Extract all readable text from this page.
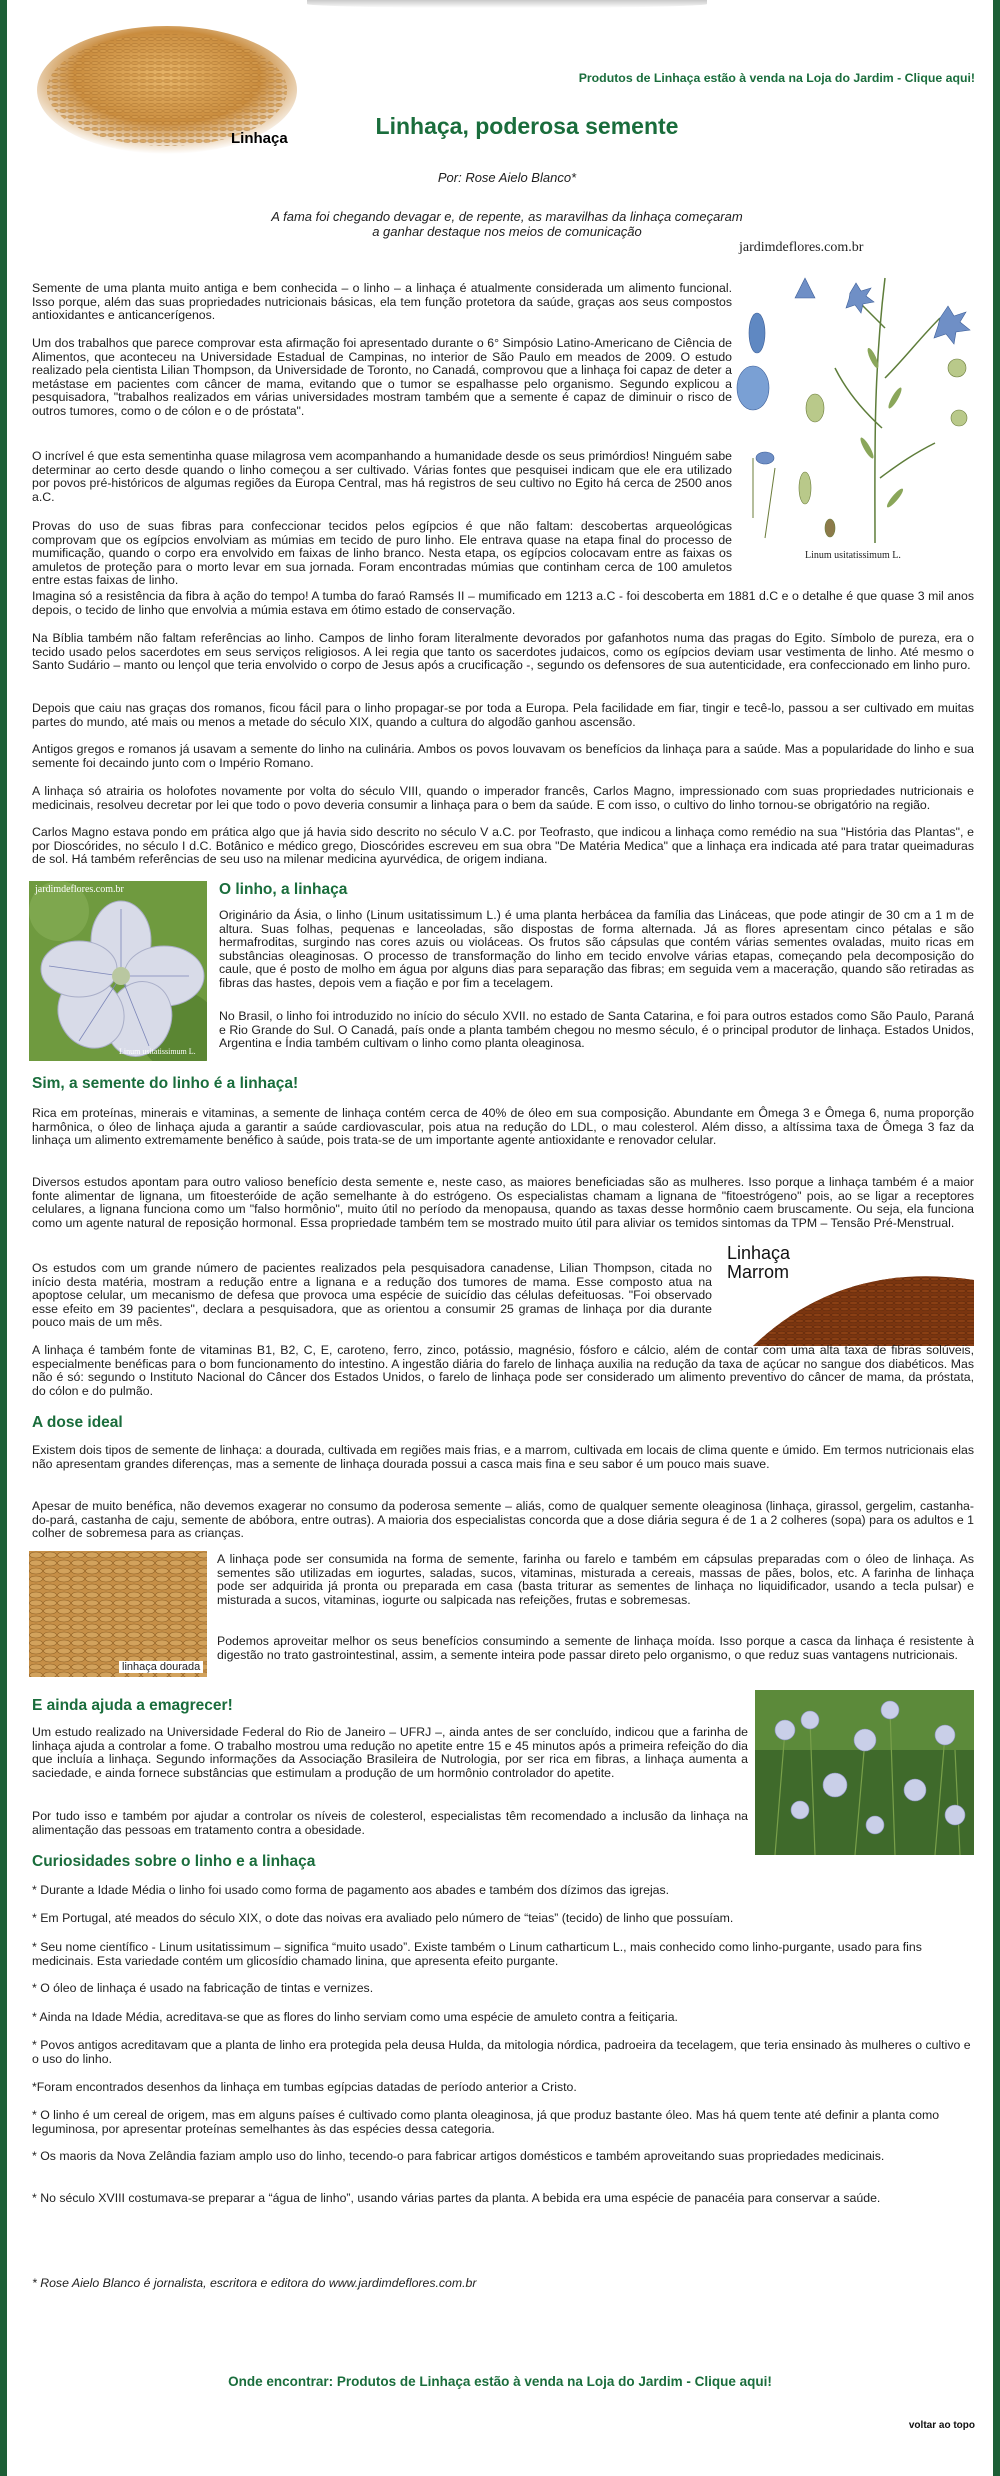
Linhaça
Produtos de Linhaça estão à venda na Loja do Jardim - Clique aqui!
Linhaça, poderosa semente
Por: Rose Aielo Blanco*
A fama foi chegando devagar e, de repente, as maravilhas da linhaça começaram
a ganhar destaque nos meios de comunicação
jardimdeflores.com.br
Linum usitatissimum L.

Semente de uma planta muito antiga e bem conhecida – o linho – a linhaça é atualmente considerada um alimento funcional. Isso porque, além das suas propriedades nutricionais básicas, ela tem função protetora da saúde, graças aos seus compostos antioxidantes e anticancerígenos.

Um dos trabalhos que parece comprovar esta afirmação foi apresentado durante o 6° Simpósio Latino-Americano de Ciência de Alimentos, que aconteceu na Universidade Estadual de Campinas, no interior de São Paulo em meados de 2009. O estudo realizado pela cientista Lilian Thompson, da Universidade de Toronto, no Canadá, comprovou que a linhaça foi capaz de deter a metástase em pacientes com câncer de mama, evitando que o tumor se espalhasse pelo organismo. Segundo explicou a pesquisadora, "trabalhos realizados em várias universidades mostram também que a semente é capaz de diminuir o risco de outros tumores, como o de cólon e o de próstata".

O incrível é que esta sementinha quase milagrosa vem acompanhando a humanidade desde os seus primórdios! Ninguém sabe determinar ao certo desde quando o linho começou a ser cultivado. Várias fontes que pesquisei indicam que ele era utilizado por povos pré-históricos de algumas regiões da Europa Central, mas há registros de seu cultivo no Egito há cerca de 2500 anos a.C.

Provas do uso de suas fibras para confeccionar tecidos pelos egípcios é que não faltam: descobertas arqueológicas comprovam que os egípcios envolviam as múmias em tecido de puro linho. Ele entrava quase na etapa final do processo de mumificação, quando o corpo era envolvido em faixas de linho branco. Nesta etapa, os egípcios colocavam entre as faixas os amuletos de proteção para o morto levar em sua jornada. Foram encontradas múmias que continham cerca de 100 amuletos entre estas faixas de linho.

Imagina só a resistência da fibra à ação do tempo! A tumba do faraó Ramsés II – mumificado em 1213 a.C - foi descoberta em 1881 d.C e o detalhe é que quase 3 mil anos depois, o tecido de linho que envolvia a múmia estava em ótimo estado de conservação.

Na Bíblia também não faltam referências ao linho. Campos de linho foram literalmente devorados por gafanhotos numa das pragas do Egito. Símbolo de pureza, era o tecido usado pelos sacerdotes em seus serviços religiosos. A lei regia que tanto os sacerdotes judaicos, como os egípcios deviam usar vestimenta de linho. Até mesmo o Santo Sudário – manto ou lençol que teria envolvido o corpo de Jesus após a crucificação -, segundo os defensores de sua autenticidade, era confeccionado em linho puro.

Depois que caiu nas graças dos romanos, ficou fácil para o linho propagar-se por toda a Europa. Pela facilidade em fiar, tingir e tecê-lo, passou a ser cultivado em muitas partes do mundo, até mais ou menos a metade do século XIX, quando a cultura do algodão ganhou ascensão.

Antigos gregos e romanos já usavam a semente do linho na culinária. Ambos os povos louvavam os benefícios da linhaça para a saúde. Mas a popularidade do linho e sua semente foi decaindo junto com o Império Romano.

A linhaça só atrairia os holofotes novamente por volta do século VIII, quando o imperador francês, Carlos Magno, impressionado com suas propriedades nutricionais e medicinais, resolveu decretar por lei que todo o povo deveria consumir a linhaça para o bem da saúde. E com isso, o cultivo do linho tornou-se obrigatório na região.

Carlos Magno estava pondo em prática algo que já havia sido descrito no século V a.C. por Teofrasto, que indicou a linhaça como remédio na sua "História das Plantas", e por Dioscórides, no século I d.C. Botânico e médico grego, Dioscórides escreveu em sua obra "De Matéria Medica" que a linhaça era indicada até para tratar queimaduras de sol. Há também referências de seu uso na milenar medicina ayurvédica, de origem indiana.

jardimdeflores.com.br
Linum usitatissimum L.
O linho, a linhaça

Originário da Ásia, o linho (Linum usitatissimum L.) é uma planta herbácea da família das Lináceas, que pode atingir de 30 cm a 1 m de altura. Suas folhas, pequenas e lanceoladas, são dispostas de forma alternada. Já as flores apresentam cinco pétalas e são hermafroditas, surgindo nas cores azuis ou violáceas. Os frutos são cápsulas que contém várias sementes ovaladas, muito ricas em substâncias oleaginosas. O processo de transformação do linho em tecido envolve várias etapas, começando pela decomposição do caule, que é posto de molho em água por alguns dias para separação das fibras; em seguida vem a maceração, quando são retiradas as fibras das hastes, depois vem a fiação e por fim a tecelagem.

No Brasil, o linho foi introduzido no início do século XVII. no estado de Santa Catarina, e foi para outros estados como São Paulo, Paraná e Rio Grande do Sul. O Canadá, país onde a planta também chegou no mesmo século, é o principal produtor de linhaça. Estados Unidos, Argentina e Índia também cultivam o linho como planta oleaginosa.

Sim, a semente do linho é a linhaça!

Rica em proteínas, minerais e vitaminas, a semente de linhaça contém cerca de 40% de óleo em sua composição. Abundante em Ômega 3 e Ômega 6, numa proporção harmônica, o óleo de linhaça ajuda a garantir a saúde cardiovascular, pois atua na redução do LDL, o mau colesterol. Além disso, a altíssima taxa de Ômega 3 faz da linhaça um alimento extremamente benéfico à saúde, pois trata-se de um importante agente antioxidante e renovador celular.

Diversos estudos apontam para outro valioso benefício desta semente e, neste caso, as maiores beneficiadas são as mulheres. Isso porque a linhaça também é a maior fonte alimentar de lignana, um fitoesteróide de ação semelhante à do estrógeno. Os especialistas chamam a lignana de "fitoestrógeno" pois, ao se ligar a receptores celulares, a lignana funciona como um "falso hormônio", muito útil no período da menopausa, quando as taxas desse hormônio caem bruscamente. Ou seja, ela funciona como um agente natural de reposição hormonal. Essa propriedade também tem se mostrado muito útil para aliviar os temidos sintomas da TPM – Tensão Pré-Menstrual.

Linhaça
Marrom

Os estudos com um grande número de pacientes realizados pela pesquisadora canadense, Lilian Thompson, citada no início desta matéria, mostram a redução entre a lignana e a redução dos tumores de mama. Esse composto atua na apoptose celular, um mecanismo de defesa que provoca uma espécie de suicídio das células defeituosas. "Foi observado esse efeito em 39 pacientes", declara a pesquisadora, que as orientou a consumir 25 gramas de linhaça por dia durante pouco mais de um mês.

A linhaça é também fonte de vitaminas B1, B2, C, E, caroteno, ferro, zinco, potássio, magnésio, fósforo e cálcio, além de contar com uma alta taxa de fibras solúveis, especialmente benéficas para o bom funcionamento do intestino. A ingestão diária do farelo de linhaça auxilia na redução da taxa de açúcar no sangue dos diabéticos. Mas não é só: segundo o Instituto Nacional do Câncer dos Estados Unidos, o farelo de linhaça pode ser considerado um alimento preventivo do câncer de mama, da próstata, do cólon e do pulmão.

A dose ideal

Existem dois tipos de semente de linhaça: a dourada, cultivada em regiões mais frias, e a marrom, cultivada em locais de clima quente e úmido. Em termos nutricionais elas não apresentam grandes diferenças, mas a semente de linhaça dourada possui a casca mais fina e seu sabor é um pouco mais suave.

Apesar de muito benéfica, não devemos exagerar no consumo da poderosa semente – aliás, como de qualquer semente oleaginosa (linhaça, girassol, gergelim, castanha-do-pará, castanha de caju, semente de abóbora, entre outras). A maioria dos especialistas concorda que a dose diária segura é de 1 a 2 colheres (sopa) para os adultos e 1 colher de sobremesa para as crianças.

linhaça dourada

A linhaça pode ser consumida na forma de semente, farinha ou farelo e também em cápsulas preparadas com o óleo de linhaça. As sementes são utilizadas em iogurtes, saladas, sucos, vitaminas, misturada a cereais, massas de pães, bolos, etc. A farinha de linhaça pode ser adquirida já pronta ou preparada em casa (basta triturar as sementes de linhaça no liquidificador, usando a tecla pulsar) e misturada a sucos, vitaminas, iogurte ou salpicada nas refeições, frutas e sobremesas.

Podemos aproveitar melhor os seus benefícios consumindo a semente de linhaça moída. Isso porque a casca da linhaça é resistente à digestão no trato gastrointestinal, assim, a semente inteira pode passar direto pelo organismo, o que reduz suas vantagens nutricionais.

E ainda ajuda a emagrecer!

Um estudo realizado na Universidade Federal do Rio de Janeiro – UFRJ –, ainda antes de ser concluído, indicou que a farinha de linhaça ajuda a controlar a fome. O trabalho mostrou uma redução no apetite entre 15 e 45 minutos após a primeira refeição do dia que incluía a linhaça. Segundo informações da Associação Brasileira de Nutrologia, por ser rica em fibras, a linhaça aumenta a saciedade, e ainda fornece substâncias que estimulam a produção de um hormônio controlador do apetite.

Por tudo isso e também por ajudar a controlar os níveis de colesterol, especialistas têm recomendado a inclusão da linhaça na alimentação das pessoas em tratamento contra a obesidade.

Curiosidades sobre o linho e a linhaça

* Durante a Idade Média o linho foi usado como forma de pagamento aos abades e também dos dízimos das igrejas.

* Em Portugal, até meados do século XIX, o dote das noivas era avaliado pelo número de “teias” (tecido) de linho que possuíam.

* Seu nome científico - Linum usitatissimum – significa “muito usado”. Existe também o Linum catharticum L., mais conhecido como linho-purgante, usado para fins medicinais. Esta variedade contém um glicosídio chamado linina, que apresenta efeito purgante.

* O óleo de linhaça é usado na fabricação de tintas e vernizes.

* Ainda na Idade Média, acreditava-se que as flores do linho serviam como uma espécie de amuleto contra a feitiçaria.

* Povos antigos acreditavam que a planta de linho era protegida pela deusa Hulda, da mitologia nórdica, padroeira da tecelagem, que teria ensinado às mulheres o cultivo e o uso do linho.

*Foram encontrados desenhos da linhaça em tumbas egípcias datadas de período anterior a Cristo.

* O linho é um cereal de origem, mas em alguns países é cultivado como planta oleaginosa, já que produz bastante óleo. Mas há quem tente até definir a planta como leguminosa, por apresentar proteínas semelhantes às das espécies dessa categoria.

* Os maoris da Nova Zelândia faziam amplo uso do linho, tecendo-o para fabricar artigos domésticos e também aproveitando suas propriedades medicinais.

* No século XVIII costumava-se preparar a “água de linho”, usando várias partes da planta. A bebida era uma espécie de panacéia para conservar a saúde.

* Rose Aielo Blanco é jornalista, escritora e editora do www.jardimdeflores.com.br
Onde encontrar: Produtos de Linhaça estão à venda na Loja do Jardim - Clique aqui!
voltar ao topo
